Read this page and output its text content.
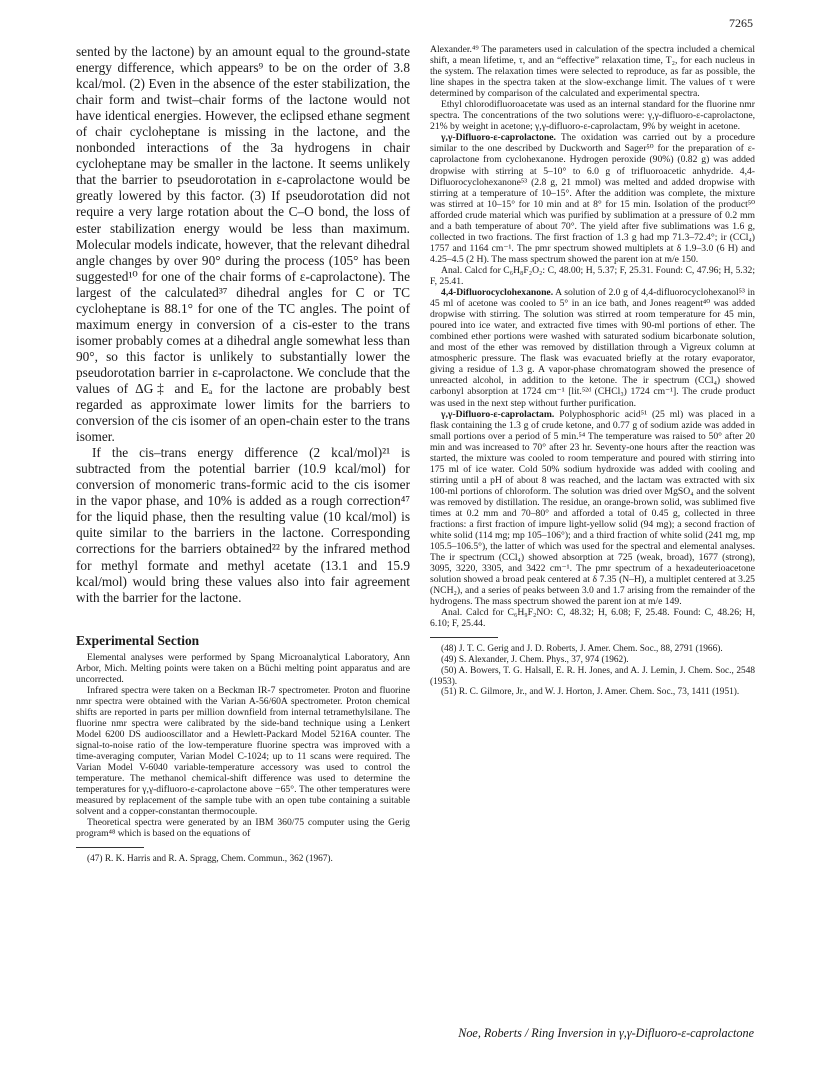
7265

sented by the lactone) by an amount equal to the ground-state energy difference, which appears⁹ to be on the order of 3.8 kcal/mol. (2) Even in the absence of the ester stabilization, the chair form and twist–chair forms of the lactone would not have identical energies. However, the eclipsed ethane segment of chair cycloheptane is missing in the lactone, and the nonbonded interactions of the 3a hydrogens in chair cycloheptane may be smaller in the lactone. It seems unlikely that the barrier to pseudorotation in ε-caprolactone would be greatly lowered by this factor. (3) If pseudorotation did not require a very large rotation about the C–O bond, the loss of ester stabilization energy would be less than maximum. Molecular models indicate, however, that the relevant dihedral angle changes by over 90° during the process (105° has been suggested¹⁰ for one of the chair forms of ε-caprolactone). The largest of the calculated³⁷ dihedral angles for C or TC cycloheptane is 88.1° for one of the TC angles. The point of maximum energy in conversion of a cis-ester to the trans isomer probably comes at a dihedral angle somewhat less than 90°, so this factor is unlikely to substantially lower the pseudorotation barrier in ε-caprolactone. We conclude that the values of ΔG‡ and Eₐ for the lactone are probably best regarded as approximate lower limits for the barriers to conversion of the cis isomer of an open-chain ester to the trans isomer.

If the cis–trans energy difference (2 kcal/mol)²¹ is subtracted from the potential barrier (10.9 kcal/mol) for conversion of monomeric trans-formic acid to the cis isomer in the vapor phase, and 10% is added as a rough correction⁴⁷ for the liquid phase, then the resulting value (10 kcal/mol) is quite similar to the barriers in the lactone. Corresponding corrections for the barriers obtained²² by the infrared method for methyl formate and methyl acetate (13.1 and 15.9 kcal/mol) would bring these values also into fair agreement with the barrier for the lactone.

Experimental Section

Elemental analyses were performed by Spang Microanalytical Laboratory, Ann Arbor, Mich. Melting points were taken on a Büchi melting point apparatus and are uncorrected.

Infrared spectra were taken on a Beckman IR-7 spectrometer. Proton and fluorine nmr spectra were obtained with the Varian A-56/60A spectrometer. Proton chemical shifts are reported in parts per million downfield from internal tetramethylsilane. The fluorine nmr spectra were calibrated by the side-band technique using a Lenkert Model 6200 DS audiooscillator and a Hewlett-Packard Model 5216A counter. The signal-to-noise ratio of the low-temperature fluorine spectra was improved with a time-averaging computer, Varian Model C-1024; up to 11 scans were required. The Varian Model V-6040 variable-temperature accessory was used to control the temperature. The methanol chemical-shift difference was used to determine the temperatures for γ,γ-difluoro-ε-caprolactone above −65°. The other temperatures were measured by replacement of the sample tube with an open tube containing a suitable solvent and a copper-constantan thermocouple.

Theoretical spectra were generated by an IBM 360/75 computer using the Gerig program⁴⁸ which is based on the equations of

(47) R. K. Harris and R. A. Spragg, Chem. Commun., 362 (1967).

Alexander.⁴⁹ The parameters used in calculation of the spectra included a chemical shift, a mean lifetime, τ, and an “effective” relaxation time, T₂, for each nucleus in the system. The relaxation times were selected to reproduce, as far as possible, the line shapes in the spectra taken at the slow-exchange limit. The values of τ were determined by comparison of the calculated and experimental spectra.

Ethyl chlorodifluoroacetate was used as an internal standard for the fluorine nmr spectra. The concentrations of the two solutions were: γ,γ-difluoro-ε-caprolactone, 21% by weight in acetone; γ,γ-difluoro-ε-caprolactam, 9% by weight in acetone.

γ,γ-Difluoro-ε-caprolactone. The oxidation was carried out by a procedure similar to the one described by Duckworth and Sager⁵⁰ for the preparation of ε-caprolactone from cyclohexanone. Hydrogen peroxide (90%) (0.82 g) was added dropwise with stirring at 5–10° to 6.0 g of trifluoroacetic anhydride. 4,4-Difluorocyclohexanone⁵³ (2.8 g, 21 mmol) was melted and added dropwise with stirring at a temperature of 10–15°. After the addition was complete, the mixture was stirred at 10–15° for 10 min and at 8° for 15 min. Isolation of the product⁵⁰ afforded crude material which was purified by sublimation at a pressure of 0.2 mm and a bath temperature of about 70°. The yield after five sublimations was 1.6 g, collected in two fractions. The first fraction of 1.3 g had mp 71.3–72.4°; ir (CCl₄) 1757 and 1164 cm⁻¹. The pmr spectrum showed multiplets at δ 1.9–3.0 (6 H) and 4.25–4.5 (2 H). The mass spectrum showed the parent ion at m/e 150.

Anal. Calcd for C₆H₈F₂O₂: C, 48.00; H, 5.37; F, 25.31. Found: C, 47.96; H, 5.32; F, 25.41.

4,4-Difluorocyclohexanone. A solution of 2.0 g of 4,4-difluorocyclohexanol⁵³ in 45 ml of acetone was cooled to 5° in an ice bath, and Jones reagent⁴⁰ was added dropwise with stirring. The solution was stirred at room temperature for 45 min, poured into ice water, and extracted five times with 90-ml portions of ether. The combined ether portions were washed with saturated sodium bicarbonate solution, and most of the ether was removed by distillation through a Vigreux column at atmospheric pressure. The flask was evacuated briefly at the rotary evaporator, giving a residue of 1.3 g. A vapor-phase chromatogram showed the presence of unreacted alcohol, in addition to the ketone. The ir spectrum (CCl₄) showed carbonyl absorption at 1724 cm⁻¹ [lit.⁵²ᵈ (CHCl₃) 1724 cm⁻¹]. The crude product was used in the next step without further purification.

γ,γ-Difluoro-ε-caprolactam. Polyphosphoric acid⁵¹ (25 ml) was placed in a flask containing the 1.3 g of crude ketone, and 0.77 g of sodium azide was added in small portions over a period of 5 min.⁵⁴ The temperature was raised to 50° after 20 min and was increased to 70° after 23 hr. Seventy-one hours after the reaction was started, the mixture was cooled to room temperature and poured with stirring into 175 ml of ice water. Cold 50% sodium hydroxide was added with cooling and stirring until a pH of about 8 was reached, and the lactam was extracted with six 100-ml portions of chloroform. The solution was dried over MgSO₄ and the solvent was removed by distillation. The residue, an orange-brown solid, was sublimed five times at 0.2 mm and 70–80° and afforded a total of 0.45 g, collected in three fractions: a first fraction of impure light-yellow solid (94 mg); a second fraction of white solid (114 mg; mp 105–106°); and a third fraction of white solid (241 mg, mp 105.5–106.5°), the latter of which was used for the spectral and elemental analyses. The ir spectrum (CCl₄) showed absorption at 725 (weak, broad), 1677 (strong), 3095, 3220, 3305, and 3422 cm⁻¹. The pmr spectrum of a hexadeuterioacetone solution showed a broad peak centered at δ 7.35 (N–H), a multiplet centered at 3.25 (NCH₂), and a series of peaks between 3.0 and 1.7 arising from the remainder of the hydrogens. The mass spectrum showed the parent ion at m/e 149.

Anal. Calcd for C₆H₉F₂NO: C, 48.32; H, 6.08; F, 25.48. Found: C, 48.26; H, 6.10; F, 25.44.

(48) J. T. C. Gerig and J. D. Roberts, J. Amer. Chem. Soc., 88, 2791 (1966).

(49) S. Alexander, J. Chem. Phys., 37, 974 (1962).

(50) A. Bowers, T. G. Halsall, E. R. H. Jones, and A. J. Lemin, J. Chem. Soc., 2548 (1953).

(51) R. C. Gilmore, Jr., and W. J. Horton, J. Amer. Chem. Soc., 73, 1411 (1951).

Noe, Roberts / Ring Inversion in γ,γ-Difluoro-ε-caprolactone
